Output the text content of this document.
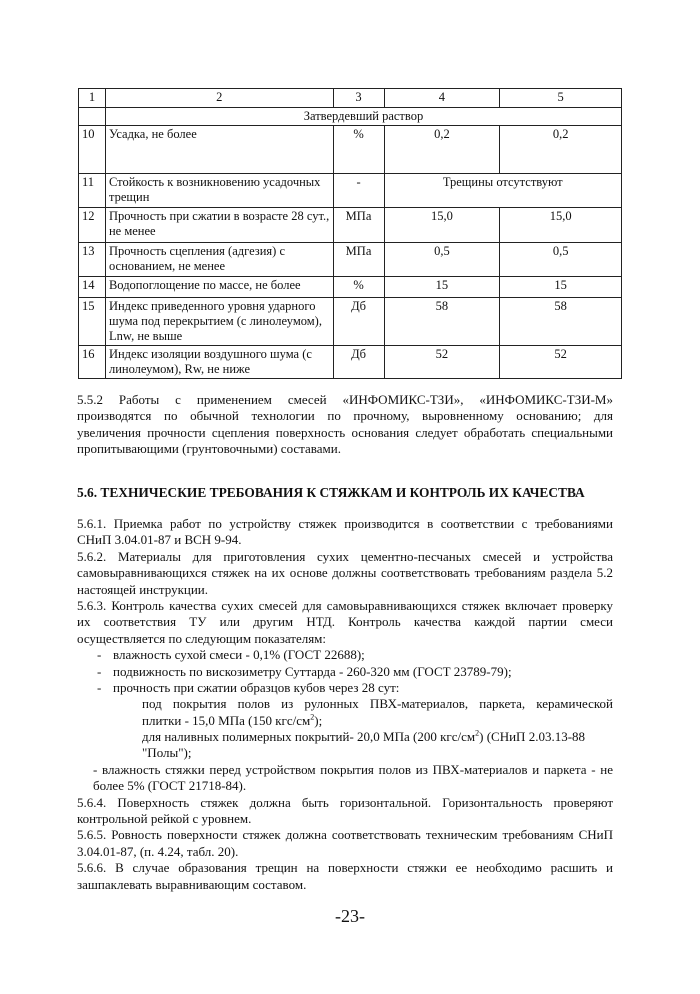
1	2	3	4	5
	Затвердевший раствор			
10	Усадка, не более	%	0,2	0,2
11	Стойкость к возникновению усадочных трещин	-	Трещины отсутствуют	
12	Прочность при сжатии в возрасте 28 сут., не менее	МПа	15,0	15,0
13	Прочность сцепления (адгезия) с основанием, не менее	МПа	0,5	0,5
14	Водопоглощение по массе, не более	%	15	15
15	Индекс приведенного уровня ударного шума под перекрытием (с линолеумом), Lnw, не выше	Дб	58	58
16	Индекс изоляции воздушного шума (с линолеумом), Rw, не ниже	Дб	52	52
5.5.2 Работы с применением смесей «ИНФОМИКС-ТЗИ», «ИНФОМИКС-ТЗИ-М»
производятся по обычной технологии по прочному, выровненному основанию; для
увеличения прочности сцепления поверхность основания следует обработать специальными
пропитывающими (грунтовочными) составами.
5.6. ТЕХНИЧЕСКИЕ ТРЕБОВАНИЯ К СТЯЖКАМ И КОНТРОЛЬ ИХ КАЧЕСТВА
5.6.1. Приемка работ по устройству стяжек производится в соответствии с требованиями
СНиП 3.04.01-87 и ВСН 9-94.
5.6.2. Материалы для приготовления сухих цементно-песчаных смесей и устройства
самовыравнивающихся стяжек на их основе должны соответствовать требованиям раздела 5.2
настоящей инструкции.
5.6.3. Контроль качества сухих смесей для самовыравнивающихся стяжек включает проверку
их соответствия ТУ или другим НТД. Контроль качества каждой партии смеси
осуществляется по следующим показателям:
- влажность сухой смеси - 0,1% (ГОСТ 22688);
- подвижность по вискозиметру Суттарда - 260-320 мм (ГОСТ 23789-79);
- прочность при сжатии образцов кубов через 28 сут:
под покрытия полов из рулонных ПВХ-материалов, паркета, керамической
плитки - 15,0 МПа (150 кгс/$см^2$);
для наливных полимерных покрытий- 20,0 МПа (200 кгс/$см^2$) (СНиП 2.03.13-88
"Полы");
- влажность стяжки перед устройством покрытия полов из ПВХ-материалов и паркета - не
более 5% (ГОСТ 21718-84).
5.6.4. Поверхность стяжек должна быть горизонтальной. Горизонтальность проверяют
контрольной рейкой с уровнем.
5.6.5. Ровность поверхности стяжек должна соответствовать техническим требованиям СНиП
3.04.01-87, (п. 4.24, табл. 20).
5.6.6. В случае образования трещин на поверхности стяжки ее необходимо расшить и
зашпаклевать выравнивающим составом.
-23-
